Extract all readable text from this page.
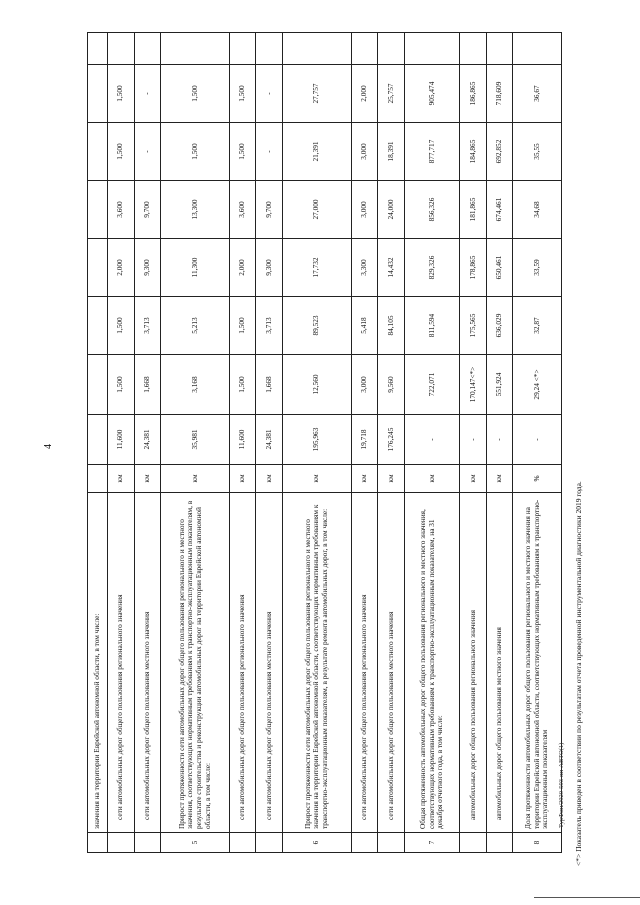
4
	значения на территории Еврейской автономной области, в том числе:									
	сети автомобильных дорог общего пользования регионального значения	км	11,600	1,500	1,500	2,000	3,600	1,500	1,500	
	сети автомобильных дорог общего пользования местного значения	км	24,381	1,668	3,713	9,300	9,700	-	-	
5	Прирост протяженности сети автомобильных дорог общего пользования регионального и местного значения, соответствующих нормативным требованиям к транспортно-эксплуатационным показателям, в результате строительства и реконструкции автомобильных дорог на территории Еврейской автономной области, в том числе:	км	35,981	3,168	5,213	11,300	13,300	1,500	1,500	
	сети автомобильных дорог общего пользования регионального значения	км	11,600	1,500	1,500	2,000	3,600	1,500	1,500	
	сети автомобильных дорог общего пользования местного значения	км	24,381	1,668	3,713	9,300	9,700	-	-	
6	Прирост протяженности сети автомобильных дорог общего пользования регионального и местного значения на территории Еврейской автономной области, соответствующих нормативным требованиям к транспортно-эксплуатационным показателям, в результате ремонта автомобильных дорог, в том числе:	км	195,963	12,560	89,523	17,732	27,000	21,391	27,757	
	сети автомобильных дорог общего пользования регионального значения	км	19,718	3,000	5,418	3,300	3,000	3,000	2,000	
	сети автомобильных дорог общего пользования местного значения	км	176,245	9,560	84,105	14,432	24,000	18,391	25,757	
7	Общая протяженность автомобильных дорог общего пользования регионального и местного значения, соответствующих нормативным требованиям к транспортно-эксплуатационным показателям, на 31 декабря отчетного года, в том числе:	км	-	722,071	811,594	829,326	856,326	877,717	905,474	
	автомобильных дорог общего пользования регионального значения	км	-	170,147<*>	175,565	178,865	181,865	184,865	186,865	
	автомобильных дорог общего пользования местного значения	км	-	551,924	636,029	650,461	674,461	692,852	718,609	
8	Доля протяженности автомобильных дорог общего пользования регионального и местного значения на территории Еврейской автономной области, соответствующих нормативным требованиям к транспортно-эксплуатационным показателям	%	-	29,24 <*>	32,87	33,59	34,68	35,55	36,67	
<*> Показатель приведен в соответствии по результатам отчета проведенной инструментальной диагностики 2019 года.
ТурФин/2020-593-пп-АВТО(1)
